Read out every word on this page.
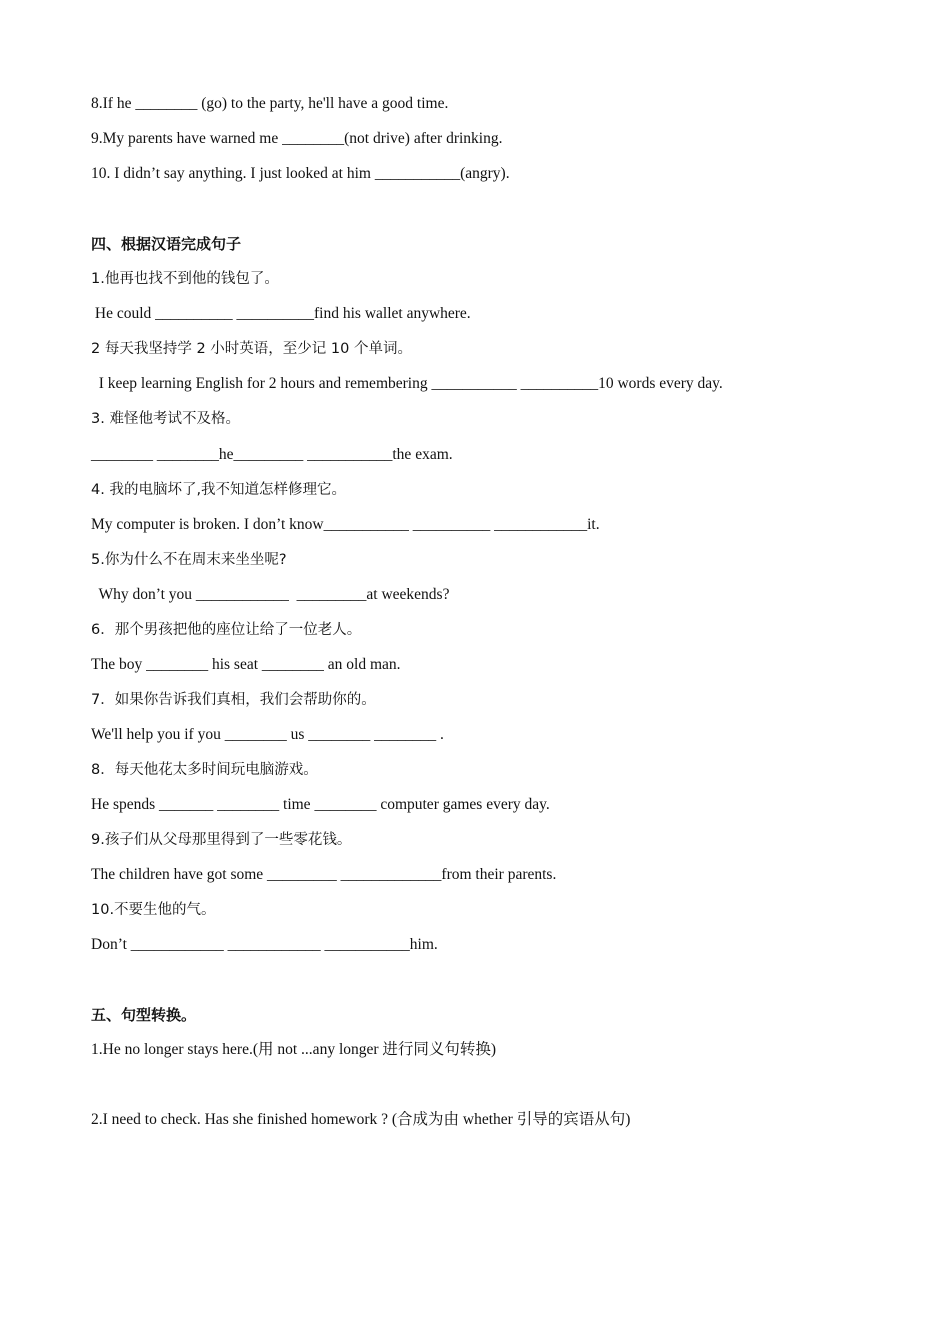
8.If he ________ (go) to the party, he'll have a good time.
9.My parents have warned me ________(not drive) after drinking.
10. I didn’t say anything. I just looked at him ___________(angry).
四、根据汉语完成句子
1.他再也找不到他的钱包了。
He could __________ __________find his wallet anywhere.
2 每天我坚持学 2 小时英语，至少记 10 个单词。
I keep learning English for 2 hours and remembering ___________ __________10 words every day.
3. 难怪他考试不及格。
________ ________he_________ ___________the exam.
4. 我的电脑坏了,我不知道怎样修理它。
My computer is broken. I don’t know___________ __________ ____________it.
5.你为什么不在周末来坐坐呢?
Why don’t you ____________  _________at weekends?
6．那个男孩把他的座位让给了一位老人。
The boy ________ his seat ________ an old man.
7．如果你告诉我们真相，我们会帮助你的。
We'll help you if you ________ us ________ ________ .
8．每天他花太多时间玩电脑游戏。
He spends _______ ________ time ________ computer games every day.
9.孩子们从父母那里得到了一些零花钱。
The children have got some _________ _____________from their parents.
10.不要生他的气。
Don’t ____________ ____________ ___________him.
五、句型转换。
1.He no longer stays here.(用 not ...any longer 进行同义句转换)
2.I need to check. Has she finished homework ? (合成为由 whether 引导的宾语从句)
